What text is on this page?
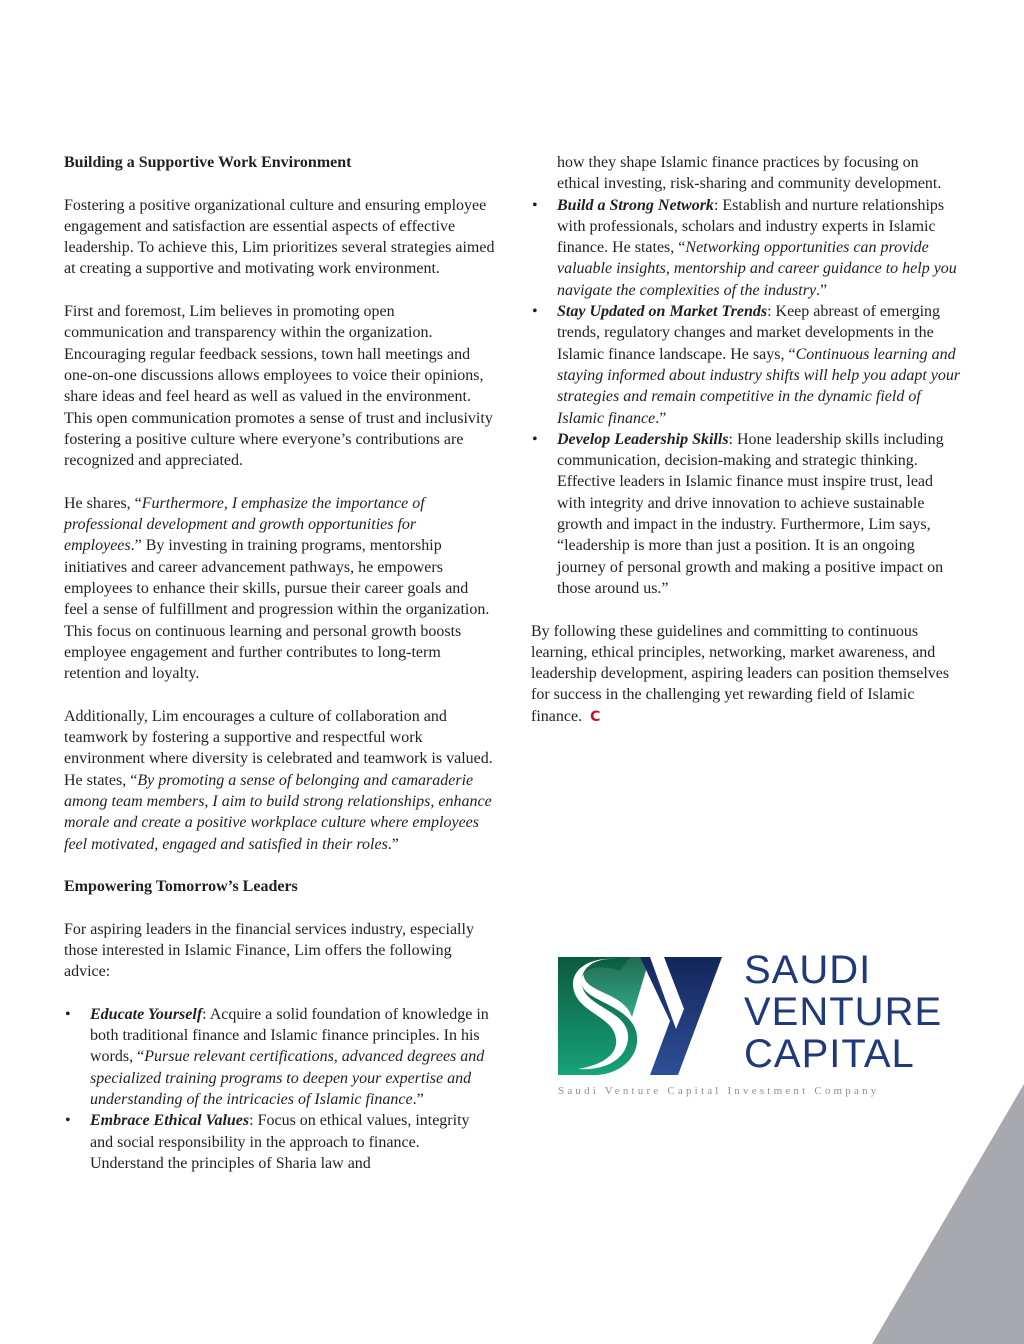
Building a Supportive Work Environment

Fostering a positive organizational culture and ensuring employee engagement and satisfaction are essential aspects of effective leadership. To achieve this, Lim prioritizes several strategies aimed at creating a supportive and motivating work environment.

First and foremost, Lim believes in promoting open communication and transparency within the organization. Encouraging regular feedback sessions, town hall meetings and one-on-one discussions allows employees to voice their opinions, share ideas and feel heard as well as valued in the environment. This open communication promotes a sense of trust and inclusivity fostering a positive culture where everyone’s contributions are recognized and appreciated.

He shares, “Furthermore, I emphasize the importance of professional development and growth opportunities for employees.” By investing in training programs, mentorship initiatives and career advancement pathways, he empowers employees to enhance their skills, pursue their career goals and feel a sense of fulfillment and progression within the organization. This focus on continuous learning and personal growth boosts employee engagement and further contributes to long-term retention and loyalty.

Additionally, Lim encourages a culture of collaboration and teamwork by fostering a supportive and respectful work environment where diversity is celebrated and teamwork is valued. He states, “By promoting a sense of belonging and camaraderie among team members, I aim to build strong relationships, enhance morale and create a positive workplace culture where employees feel motivated, engaged and satisfied in their roles.”

Empowering Tomorrow’s Leaders

For aspiring leaders in the financial services industry, especially those interested in Islamic Finance, Lim offers the following advice:

• Educate Yourself: Acquire a solid foundation of knowledge in both traditional finance and Islamic finance principles. In his words, “Pursue relevant certifications, advanced degrees and specialized training programs to deepen your expertise and understanding of the intricacies of Islamic finance.”
• Embrace Ethical Values: Focus on ethical values, integrity and social responsibility in the approach to finance. Understand the principles of Sharia law and
how they shape Islamic finance practices by focusing on ethical investing, risk-sharing and community development.
• Build a Strong Network: Establish and nurture relationships with professionals, scholars and industry experts in Islamic finance. He states, “Networking opportunities can provide valuable insights, mentorship and career guidance to help you navigate the complexities of the industry.”
• Stay Updated on Market Trends: Keep abreast of emerging trends, regulatory changes and market developments in the Islamic finance landscape. He says, “Continuous learning and staying informed about industry shifts will help you adapt your strategies and remain competitive in the dynamic field of Islamic finance.”
• Develop Leadership Skills: Hone leadership skills including communication, decision-making and strategic thinking. Effective leaders in Islamic finance must inspire trust, lead with integrity and drive innovation to achieve sustainable growth and impact in the industry. Furthermore, Lim says, “leadership is more than just a position. It is an ongoing journey of personal growth and making a positive impact on those around us.”

By following these guidelines and committing to continuous learning, ethical principles, networking, market awareness, and leadership development, aspiring leaders can position themselves for success in the challenging yet rewarding field of Islamic finance. C

SAUDI
VENTURE
CAPITAL
Saudi Venture Capital Investment Company
